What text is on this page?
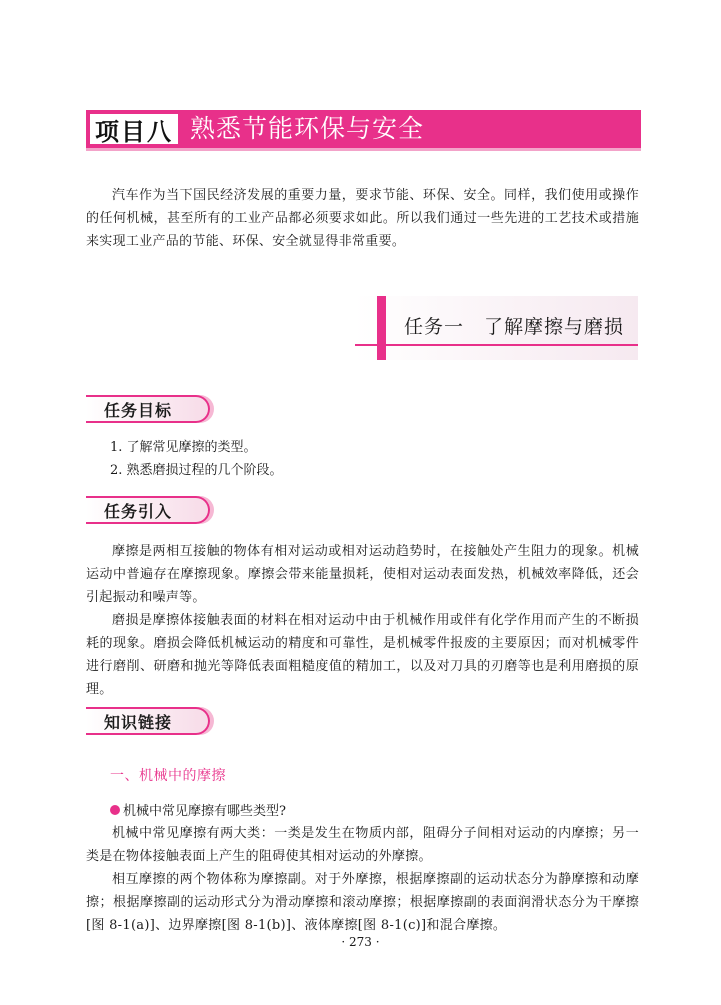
项目八 熟悉节能环保与安全

汽车作为当下国民经济发展的重要力量，要求节能、环保、安全。同样，我们使用或操作的任何机械，甚至所有的工业产品都必须要求如此。所以我们通过一些先进的工艺技术或措施来实现工业产品的节能、环保、安全就显得非常重要。

任务一　了解摩擦与磨损
任务目标
1. 了解常见摩擦的类型。
2. 熟悉磨损过程的几个阶段。
任务引入

摩擦是两相互接触的物体有相对运动或相对运动趋势时，在接触处产生阻力的现象。机械运动中普遍存在摩擦现象。摩擦会带来能量损耗，使相对运动表面发热，机械效率降低，还会引起振动和噪声等。

磨损是摩擦体接触表面的材料在相对运动中由于机械作用或伴有化学作用而产生的不断损耗的现象。磨损会降低机械运动的精度和可靠性，是机械零件报废的主要原因；而对机械零件进行磨削、研磨和抛光等降低表面粗糙度值的精加工，以及对刀具的刃磨等也是利用磨损的原理。

知识链接
一、机械中的摩擦
机械中常见摩擦有哪些类型?

机械中常见摩擦有两大类：一类是发生在物质内部，阻碍分子间相对运动的内摩擦；另一类是在物体接触表面上产生的阻碍使其相对运动的外摩擦。

相互摩擦的两个物体称为摩擦副。对于外摩擦，根据摩擦副的运动状态分为静摩擦和动摩擦；根据摩擦副的运动形式分为滑动摩擦和滚动摩擦；根据摩擦副的表面润滑状态分为干摩擦[图 8-1(a)]、边界摩擦[图 8-1(b)]、液体摩擦[图 8-1(c)]和混合摩擦。

· 273 ·
